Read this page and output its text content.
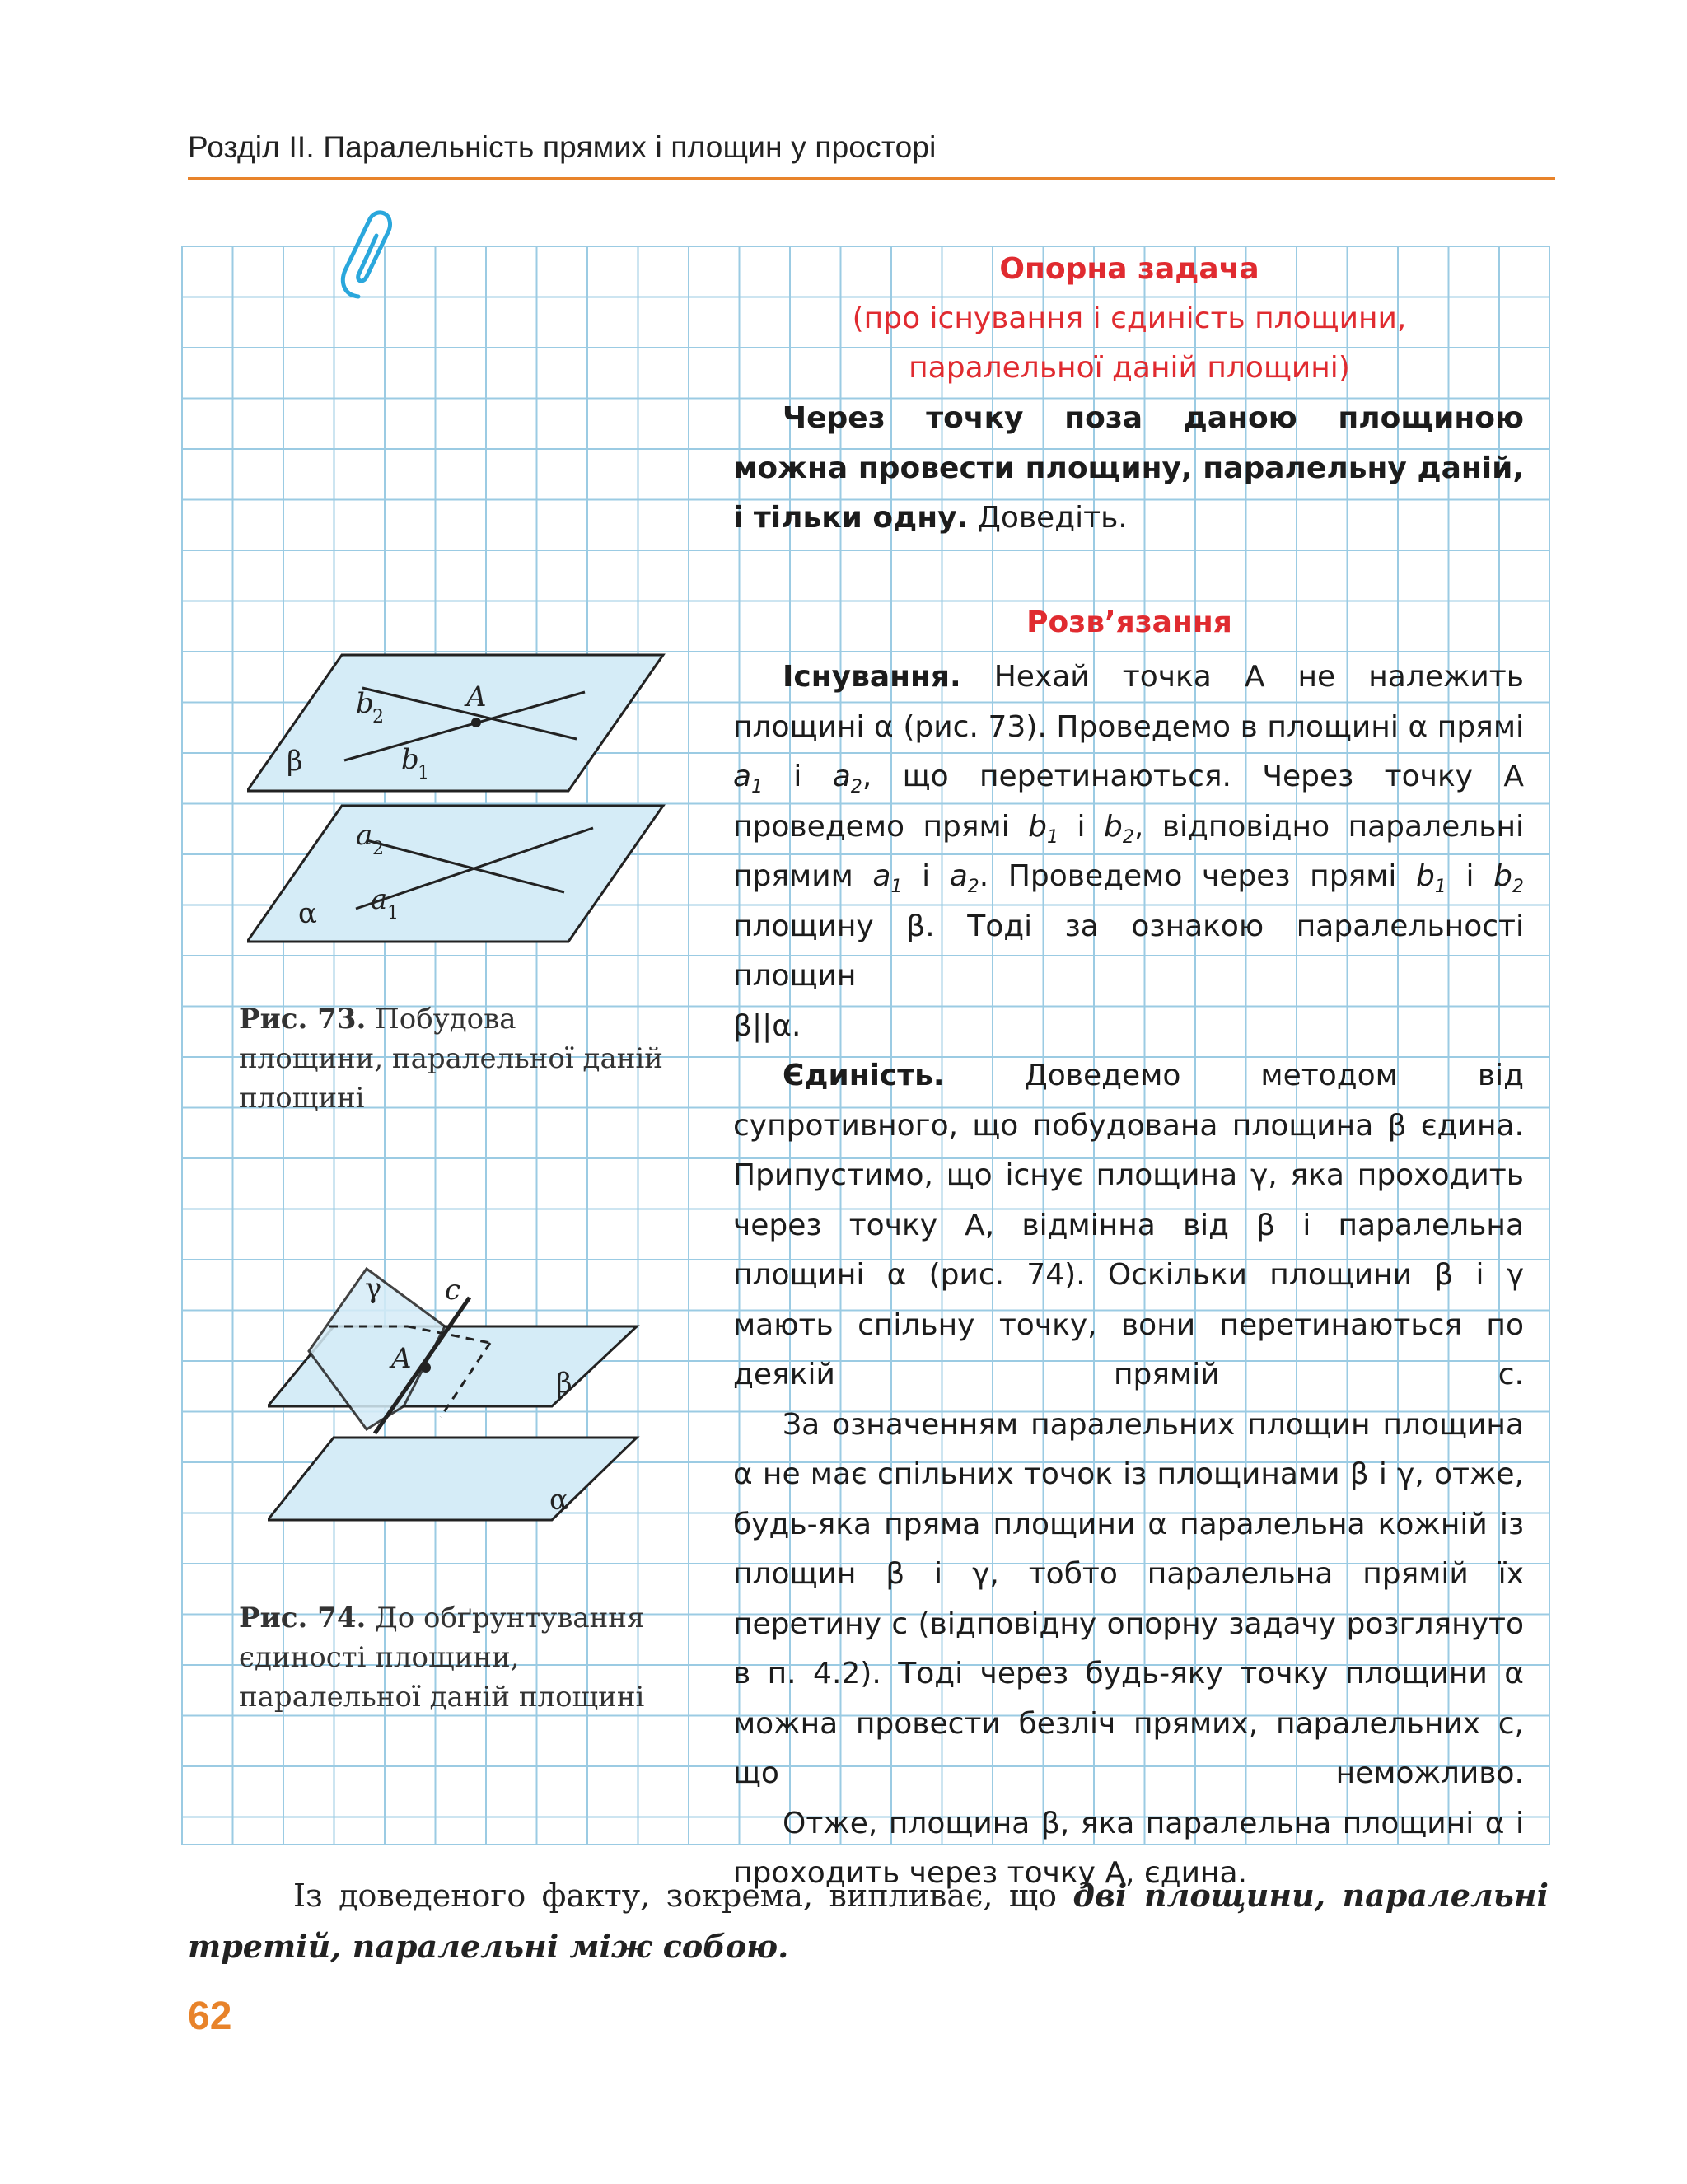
Розділ ІІ. Паралельність прямих і площин у просторі
Опорна задача
(про існування і єдиність площини,
паралельної даній площині)
Через точку поза даною площиною можна провести площину, паралельну даній, і тільки одну. Доведіть.
Розв’язання
Існування. Нехай точка A не належить площині α (рис. 73). Проведемо в площині α прямі $a_1$ і $a_2$, що перетинаються. Через точку A проведемо прямі $b_1$ і $b_2$, відповідно паралельні прямим $a_1$ і $a_2$. Проведемо через прямі $b_1$ і $b_2$ площину β. Тоді за ознакою паралельності площин
β||α.
Єдиність.	Доведемо методом від супротивного, що побудована площина β єдина. Припустимо, що існує площина γ, яка проходить через точку A, відмінна від β і паралельна площині α (рис. 74). Оскільки площини β і γ мають спільну точку, вони перетинаються по деякій прямій c.
За означенням паралельних площин площина α не має спільних точок із площинами β і γ, отже, будь-яка пряма площини α паралельна кожній із площин β і γ, тобто паралельна прямій їх перетину c (відповідну опорну задачу розглянуто в п. 4.2). Тоді через будь-яку точку площини α можна провести безліч прямих, паралельних c, що неможливо.
Отже, площина β, яка паралельна площині α і проходить через точку A, єдина.
A
b
2
b
1
β
a 2
a 1
α
Рис. 73. Побудова площини, паралельної даній площині
γ c
A
β
α
Рис. 74. До обґрунтування єдиності площини, паралельної даній площині
Із доведеного факту, зокрема, випливає, що дві площини, паралельні
третій, паралельні між собою.
62
